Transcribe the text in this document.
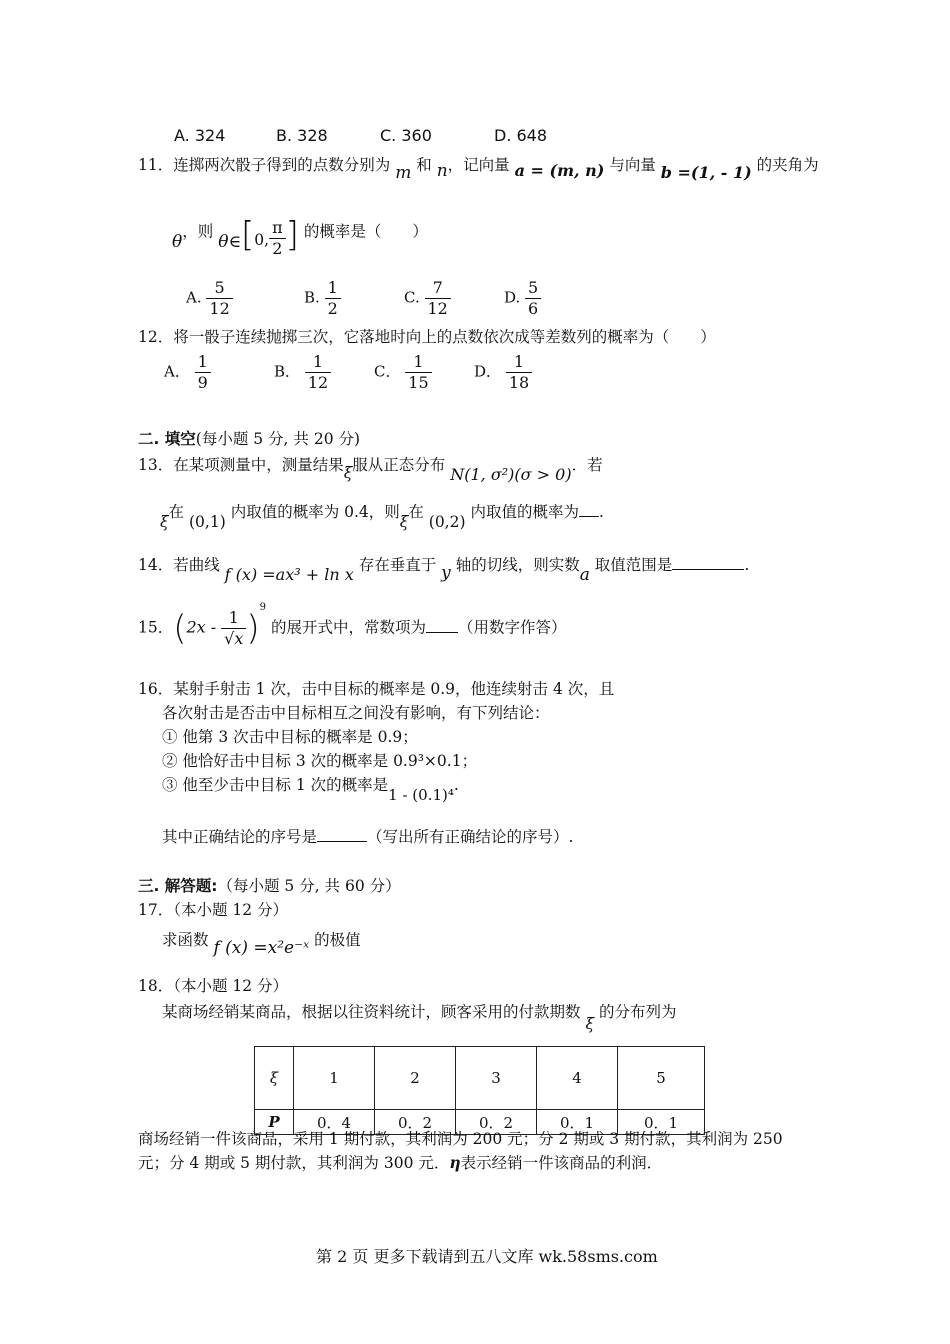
A. 324	B. 328	C. 360	D. 648
11．连掷两次骰子得到的点数分别为 m 和 n，记向量 a = (m, n) 与向量 b =(1, - 1) 的夹角为
θ，则 θ∈[0, $\frac{\pi}{2}$ ] 的概率是（　　）
A. $\frac{5}{12}$	B. $\frac{1}{2}$	C. $\frac{7}{12}$	D. $\frac{5}{6}$
12．将一骰子连续抛掷三次，它落地时向上的点数依次成等差数列的概率为（　　）
A． $\frac{1}{9}$	B． $\frac{1}{12}$	C． $\frac{1}{15}$	D． $\frac{1}{18}$
二. 填空(每小题 5 分, 共 20 分)
13．在某项测量中，测量结果ξ服从正态分布 N(1, σ²)(σ > 0)．若
ξ在 (0,1) 内取值的概率为 0.4，则ξ在 (0,2) 内取值的概率为 .
14．若曲线 f (x) =ax³ + ln x 存在垂直于 y 轴的切线，则实数a 取值范围是	.
15．$(2x - \frac{1}{√x} )^9$ 的展开式中，常数项为 （用数字作答）
16．某射手射击 1 次，击中目标的概率是 0.9，他连续射击 4 次，且
各次射击是否击中目标相互之间没有影响，有下列结论：
① 他第 3 次击中目标的概率是 0.9；
② 他恰好击中目标 3 次的概率是 0.9³×0.1；
③ 他至少击中目标 1 次的概率是1 - (0.1)⁴.
其中正确结论的序号是	（写出所有正确结论的序号）.
三. 解答题:（每小题 5 分, 共 60 分）
17．（本小题 12 分）
求函数 f (x) =x²e⁻ˣ 的极值
18．（本小题 12 分）
某商场经销某商品，根据以往资料统计，顾客采用的付款期数 ξ 的分布列为
ξ	1	2	3	4	5
P	0．4	0．2	0．2	0．1	0．1
商场经销一件该商品，采用 1 期付款，其利润为 200 元；分 2 期或 3 期付款，其利润为 250
元；分 4 期或 5 期付款，其利润为 300 元．η表示经销一件该商品的利润．
第 2 页 更多下载请到五八文库 wk.58sms.com
